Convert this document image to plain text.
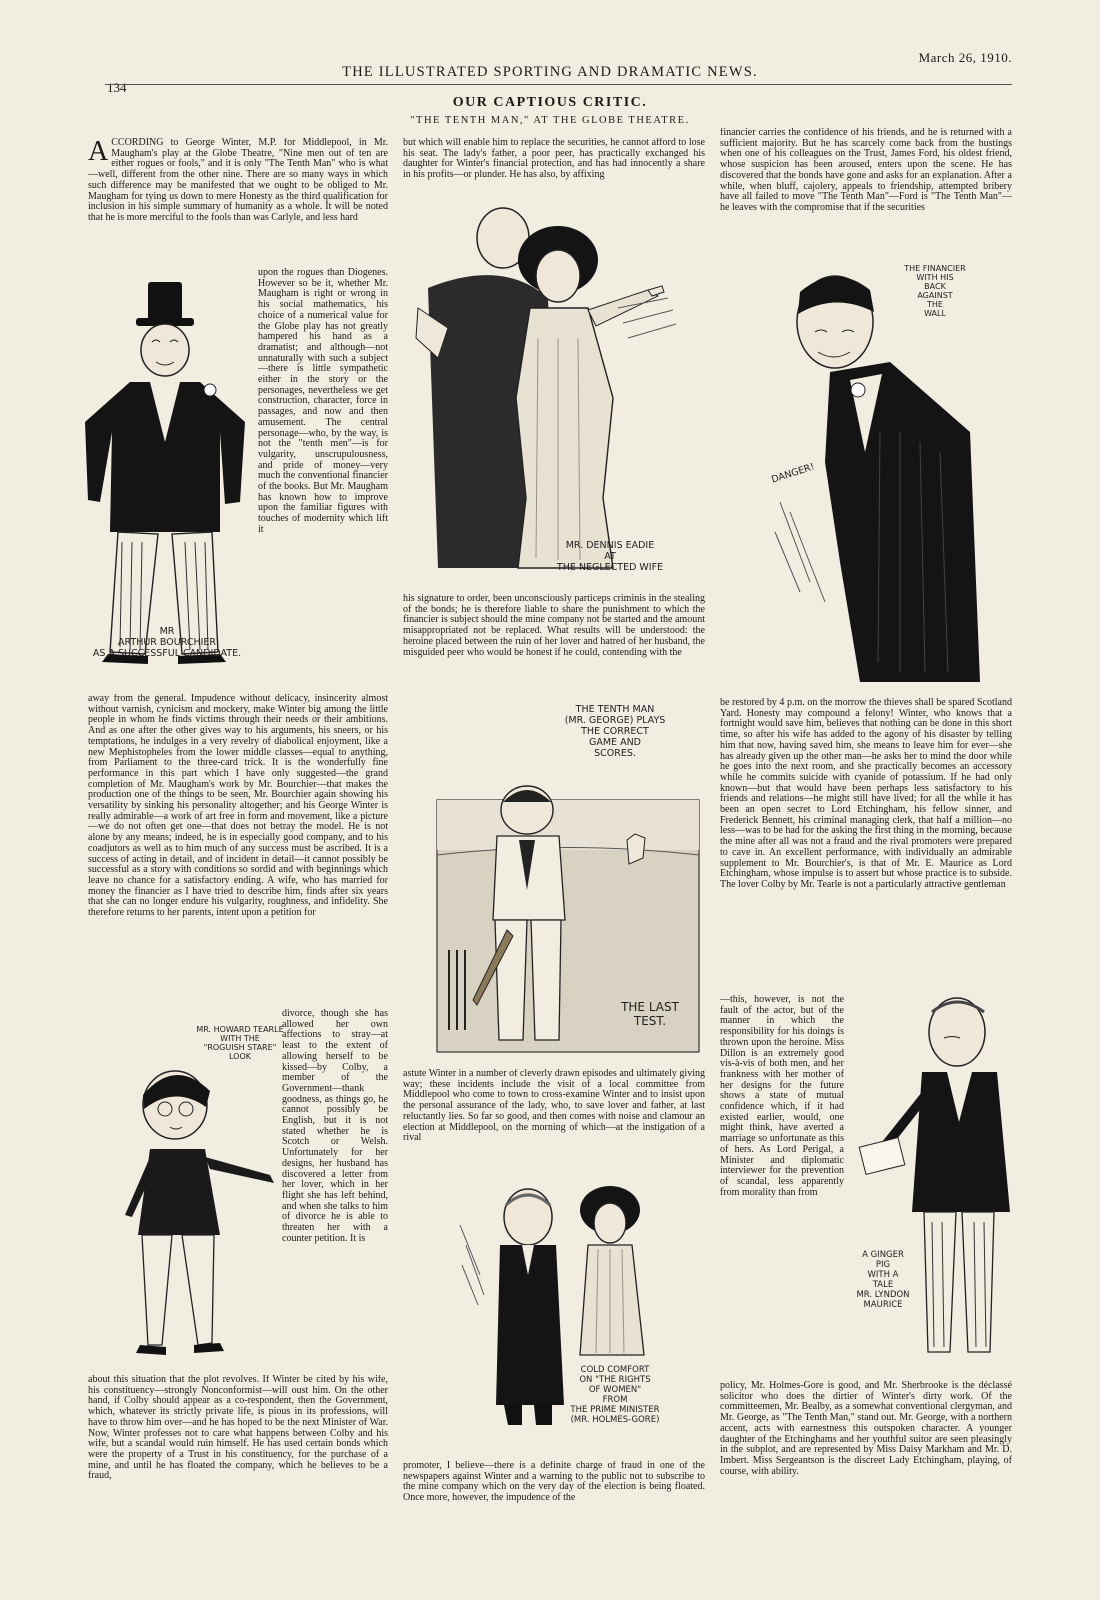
134
THE ILLUSTRATED SPORTING AND DRAMATIC NEWS.
March 26, 1910.
OUR CAPTIOUS CRITIC.
"THE TENTH MAN," AT THE GLOBE THEATRE.
ACCORDING to George Winter, M.P. for Middlepool, in Mr. Maugham's play at the Globe Theatre, "Nine men out of ten are either rogues or fools," and it is only "The Tenth Man" who is what—well, different from the other nine. There are so many ways in which such difference may be manifested that we ought to be obliged to Mr. Maugham for tying us down to mere Honesty as the third qualification for inclusion in his simple summary of humanity as a whole. It will be noted that he is more merciful to the fools than was Carlyle, and less hard
upon the rogues than Diogenes. However so be it, whether Mr. Maugham is right or wrong in his social mathematics, his choice of a numerical value for the Globe play has not greatly hampered his hand as a dramatist; and although—not unnaturally with such a subject—there is little sympathetic either in the story or the personages, nevertheless we get construction, character, force in passages, and now and then amusement. The central personage—who, by the way, is not the "tenth men"—is for vulgarity, unscrupulousness, and pride of money—very much the conventional financier of the books. But Mr. Maugham has known how to improve upon the familiar figures with touches of modernity which lift it
away from the general. Impudence without delicacy, insincerity almost without varnish, cynicism and mockery, make Winter big among the little people in whom he finds victims through their needs or their ambitions. And as one after the other gives way to his arguments, his sneers, or his temptations, he indulges in a very revelry of diabolical enjoyment, like a new Mephistopheles from the lower middle classes—equal to anything, from Parliament to the three-card trick. It is the wonderfully fine performance in this part which I have only suggested—the grand completion of Mr. Maugham's work by Mr. Bourchier—that makes the production one of the things to be seen, Mr. Bourchier again showing his versatility by sinking his personality altogether; and his George Winter is really admirable—a work of art free in form and movement, like a picture—we do not often get one—that does not betray the model. He is not alone by any means; indeed, he is in especially good company, and to his coadjutors as well as to him much of any success must be ascribed. It is a success of acting in detail, and of incident in detail—it cannot possibly be successful as a story with conditions so sordid and with beginnings which leave no chance for a satisfactory ending. A wife, who has married for money the financier as I have tried to describe him, finds after six years that she can no longer endure his vulgarity, roughness, and infidelity. She therefore returns to her parents, intent upon a petition for
divorce, though she has allowed her own affections to stray—at least to the extent of allowing herself to be kissed—by Colby, a member of the Government—thank goodness, as things go, he cannot possibly be English, but it is not stated whether he is Scotch or Welsh. Unfortunately for her designs, her husband has discovered a letter from her lover, which in her flight she has left behind, and when she talks to him of divorce he is able to threaten her with a counter petition. It is
about this situation that the plot revolves. If Winter be cited by his wife, his constituency—strongly Nonconformist—will oust him. On the other hand, if Colby should appear as a co-respondent, then the Government, which, whatever its strictly private life, is pious in its professions, will have to throw him over—and he has hoped to be the next Minister of War. Now, Winter professes not to care what happens between Colby and his wife, but a scandal would ruin himself. He has used certain bonds which were the property of a Trust in his constituency, for the purchase of a mine, and until he has floated the company, which he believes to be a fraud,
but which will enable him to replace the securities, he cannot afford to lose his seat. The lady's father, a poor peer, has practically exchanged his daughter for Winter's financial protection, and has had innocently a share in his profits—or plunder. He has also, by affixing
his signature to order, been unconsciously particeps criminis in the stealing of the bonds; he is therefore liable to share the punishment to which the financier is subject should the mine company not be started and the amount misappropriated not be replaced. What results will be understood: the heroine placed between the ruin of her lover and hatred of her husband, the misguided peer who would be honest if he could, contending with the
astute Winter in a number of cleverly drawn episodes and ultimately giving way; these incidents include the visit of a local committee from Middlepool who come to town to cross-examine Winter and to insist upon the personal assurance of the lady, who, to save lover and father, at last reluctantly lies. So far so good, and then comes with noise and clamour an election at Middlepool, on the morning of which—at the instigation of a rival
promoter, I believe—there is a definite charge of fraud in one of the newspapers against Winter and a warning to the public not to subscribe to the mine company which on the very day of the election is being floated. Once more, however, the impudence of the
financier carries the confidence of his friends, and he is returned with a sufficient majority. But he has scarcely come back from the hustings when one of his colleagues on the Trust, James Ford, his oldest friend, whose suspicion has been aroused, enters upon the scene. He has discovered that the bonds have gone and asks for an explanation. After a while, when bluff, cajolery, appeals to friendship, attempted bribery have all failed to move "The Tenth Man"—Ford is "The Tenth Man"—he leaves with the compromise that if the securities
be restored by 4 p.m. on the morrow the thieves shall be spared Scotland Yard. Honesty may compound a felony! Winter, who knows that a fortnight would save him, believes that nothing can be done in this short time, so after his wife has added to the agony of his disaster by telling him that now, having saved him, she means to leave him for ever—she has already given up the other man—he asks her to mind the door while he goes into the next room, and she practically becomes an accessory while he commits suicide with cyanide of potassium. If he had only known—but that would have been perhaps less satisfactory to his friends and relations—he might still have lived; for all the while it has been an open secret to Lord Etchingham, his fellow sinner, and Frederick Bennett, his criminal managing clerk, that half a million—no less—was to be had for the asking the first thing in the morning, because the mine after all was not a fraud and the rival promoters were prepared to cave in. An excellent performance, with individually an admirable supplement to Mr. Bourchier's, is that of Mr. E. Maurice as Lord Etchingham, whose impulse is to assert but whose practice is to subside. The lover Colby by Mr. Tearle is not a particularly attractive gentleman
—this, however, is not the fault of the actor, but of the manner in which the responsibility for his doings is thrown upon the heroine. Miss Dillon is an extremely good vis-à-vis of both men, and her frankness with her mother of her designs for the future shows a state of mutual confidence which, if it had existed earlier, would, one might think, have averted a marriage so unfortunate as this of hers. As Lord Perigal, a Minister and diplomatic interviewer for the prevention of scandal, less apparently from morality than from
policy, Mr. Holmes-Gore is good, and Mr. Sherbrooke is the déclassé solicitor who does the dirtier of Winter's dirty work. Of the committeemen, Mr. Bealby, as a somewhat conventional clergyman, and Mr. George, as "The Tenth Man," stand out. Mr. George, with a northern accent, acts with earnestness this outspoken character. A younger daughter of the Etchinghams and her youthful suitor are seen pleasingly in the subplot, and are represented by Miss Daisy Markham and Mr. D. Imbert. Miss Sergeantson is the discreet Lady Etchingham, playing, of course, with ability.
MR
ARTHUR BOURCHIER
AS A SUCCESSFUL CANDIDATE.
MR. DENNIS EADIE
AT
THE NEGLECTED WIFE
THE FINANCIER
WITH HIS
BACK
AGAINST
THE
WALL
DANGER!
THE TENTH MAN
(MR. GEORGE) PLAYS
THE CORRECT
GAME AND
SCORES.
THE LAST
TEST.
MR. HOWARD TEARLE
WITH THE
"ROGUISH STARE"
LOOK
A GINGER
PIG
WITH A
TALE
MR. LYNDON
MAURICE
COLD COMFORT
ON "THE RIGHTS
OF WOMEN"
FROM
THE PRIME MINISTER
(MR. HOLMES-GORE)
